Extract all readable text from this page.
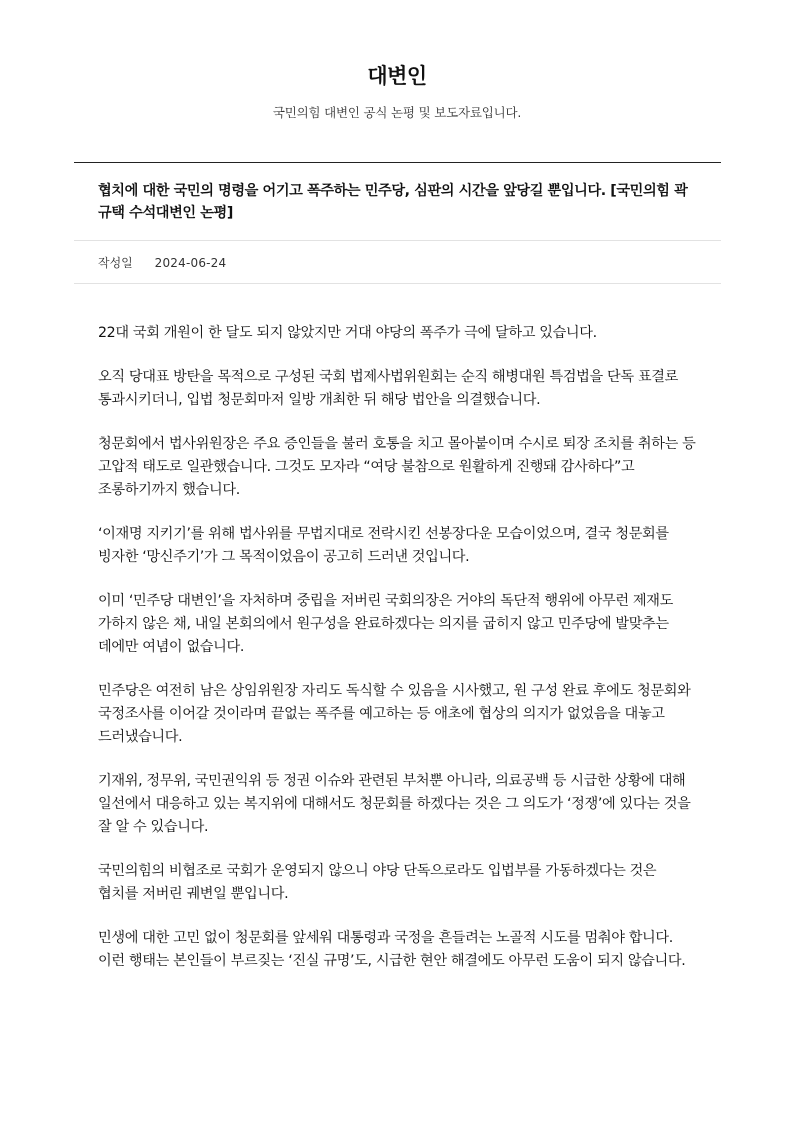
대변인
국민의힘 대변인 공식 논평 및 보도자료입니다.
협치에 대한 국민의 명령을 어기고 폭주하는 민주당, 심판의 시간을 앞당길 뿐입니다. [국민의힘 곽규택 수석대변인 논평]
작성일 2024-06-24

22대 국회 개원이 한 달도 되지 않았지만 거대 야당의 폭주가 극에 달하고 있습니다.

오직 당대표 방탄을 목적으로 구성된 국회 법제사법위원회는 순직 해병대원 특검법을 단독 표결로 통과시키더니, 입법 청문회마저 일방 개최한 뒤 해당 법안을 의결했습니다.

청문회에서 법사위원장은 주요 증인들을 불러 호통을 치고 몰아붙이며 수시로 퇴장 조치를 취하는 등 고압적 태도로 일관했습니다. 그것도 모자라 “여당 불참으로 원활하게 진행돼 감사하다”고 조롱하기까지 했습니다.

‘이재명 지키기’를 위해 법사위를 무법지대로 전락시킨 선봉장다운 모습이었으며, 결국 청문회를 빙자한 ‘망신주기’가 그 목적이었음이 공고히 드러낸 것입니다.

이미 ‘민주당 대변인’을 자처하며 중립을 저버린 국회의장은 거야의 독단적 행위에 아무런 제재도 가하지 않은 채, 내일 본회의에서 원구성을 완료하겠다는 의지를 굽히지 않고 민주당에 발맞추는 데에만 여념이 없습니다.

민주당은 여전히 남은 상임위원장 자리도 독식할 수 있음을 시사했고, 원 구성 완료 후에도 청문회와 국정조사를 이어갈 것이라며 끝없는 폭주를 예고하는 등 애초에 협상의 의지가 없었음을 대놓고 드러냈습니다.

기재위, 정무위, 국민권익위 등 정권 이슈와 관련된 부처뿐 아니라, 의료공백 등 시급한 상황에 대해 일선에서 대응하고 있는 복지위에 대해서도 청문회를 하겠다는 것은 그 의도가 ‘정쟁’에 있다는 것을 잘 알 수 있습니다.

국민의힘의 비협조로 국회가 운영되지 않으니 야당 단독으로라도 입법부를 가동하겠다는 것은 협치를 저버린 궤변일 뿐입니다.

민생에 대한 고민 없이 청문회를 앞세워 대통령과 국정을 흔들려는 노골적 시도를 멈춰야 합니다. 이런 행태는 본인들이 부르짖는 ‘진실 규명’도, 시급한 현안 해결에도 아무런 도움이 되지 않습니다.
